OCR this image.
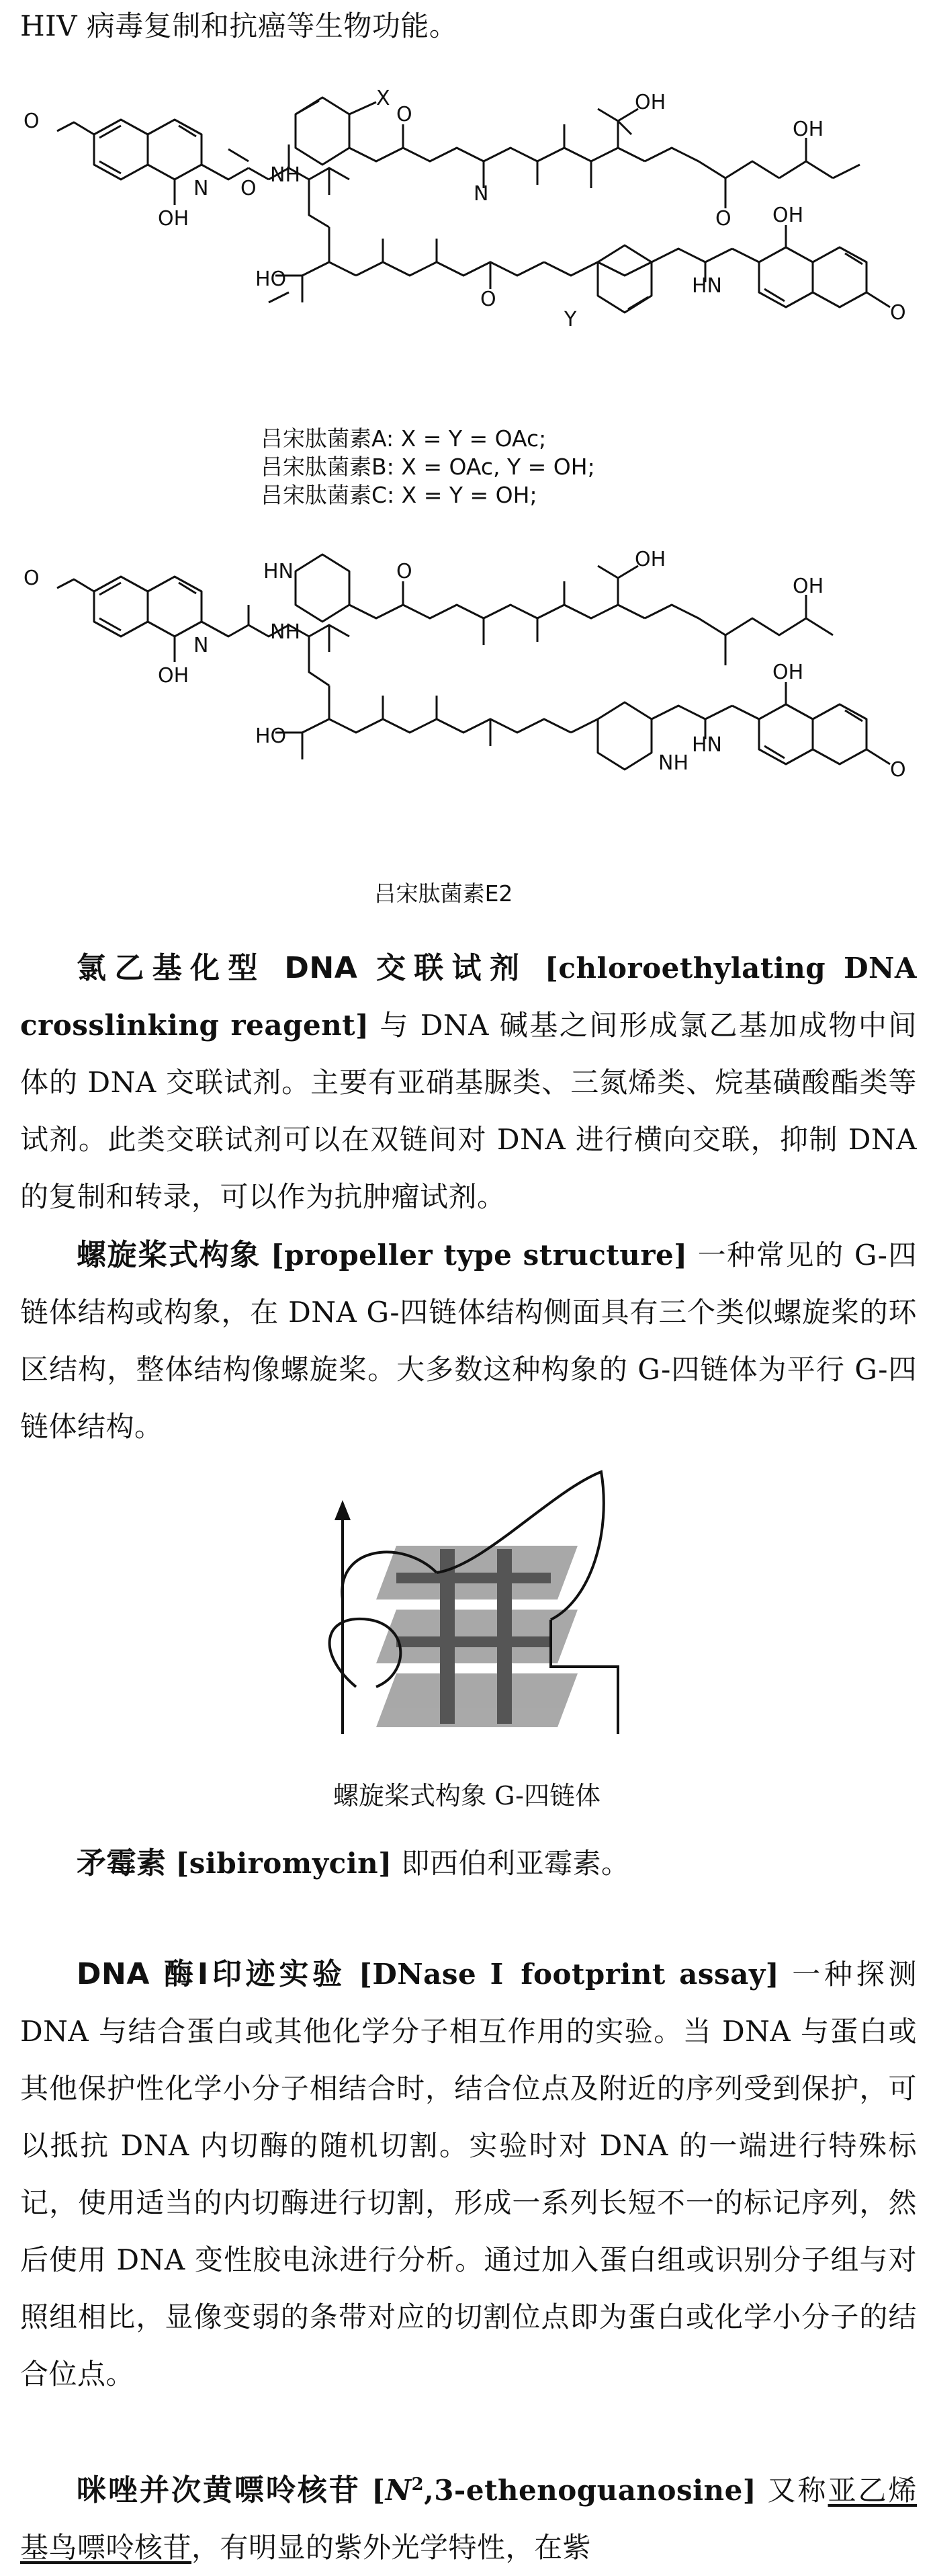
HIV 病毒复制和抗癌等生物功能。
O
N
OH
O
NH
X
O
N
OH
O
OH
HO
O
Y
HN
OH
O
吕宋肽菌素A: X = Y = OAc;
吕宋肽菌素B: X = OAc, Y = OH;
吕宋肽菌素C: X = Y = OH;
O
N
OH
HN
NH
O
OH
OH
HO
NH
HN
OH
O
吕宋肽菌素E2
氯乙基化型 DNA 交联试剂 [chloroethylating DNA crosslinking reagent] 与 DNA 碱基之间形成氯乙基加成物中间体的 DNA 交联试剂。主要有亚硝基脲类、三氮烯类、烷基磺酸酯类等试剂。此类交联试剂可以在双链间对 DNA 进行横向交联，抑制 DNA 的复制和转录，可以作为抗肿瘤试剂。
螺旋桨式构象 [propeller type structure] 一种常见的 G-四链体结构或构象，在 DNA G-四链体结构侧面具有三个类似螺旋桨的环区结构，整体结构像螺旋桨。大多数这种构象的 G-四链体为平行 G-四链体结构。
螺旋桨式构象 G-四链体
矛霉素 [sibiromycin] 即西伯利亚霉素。
DNA 酶Ⅰ印迹实验 [DNase Ⅰ footprint assay] 一种探测 DNA 与结合蛋白或其他化学分子相互作用的实验。当 DNA 与蛋白或其他保护性化学小分子相结合时，结合位点及附近的序列受到保护，可以抵抗 DNA 内切酶的随机切割。实验时对 DNA 的一端进行特殊标记，使用适当的内切酶进行切割，形成一系列长短不一的标记序列，然后使用 DNA 变性胶电泳进行分析。通过加入蛋白组或识别分子组与对照组相比，显像变弱的条带对应的切割位点即为蛋白或化学小分子的结合位点。
咪唑并次黄嘌呤核苷 $[N^2,3-ethenoguanosine]$ 又称亚乙烯基鸟嘌呤核苷，有明显的紫外光学特性，在紫
